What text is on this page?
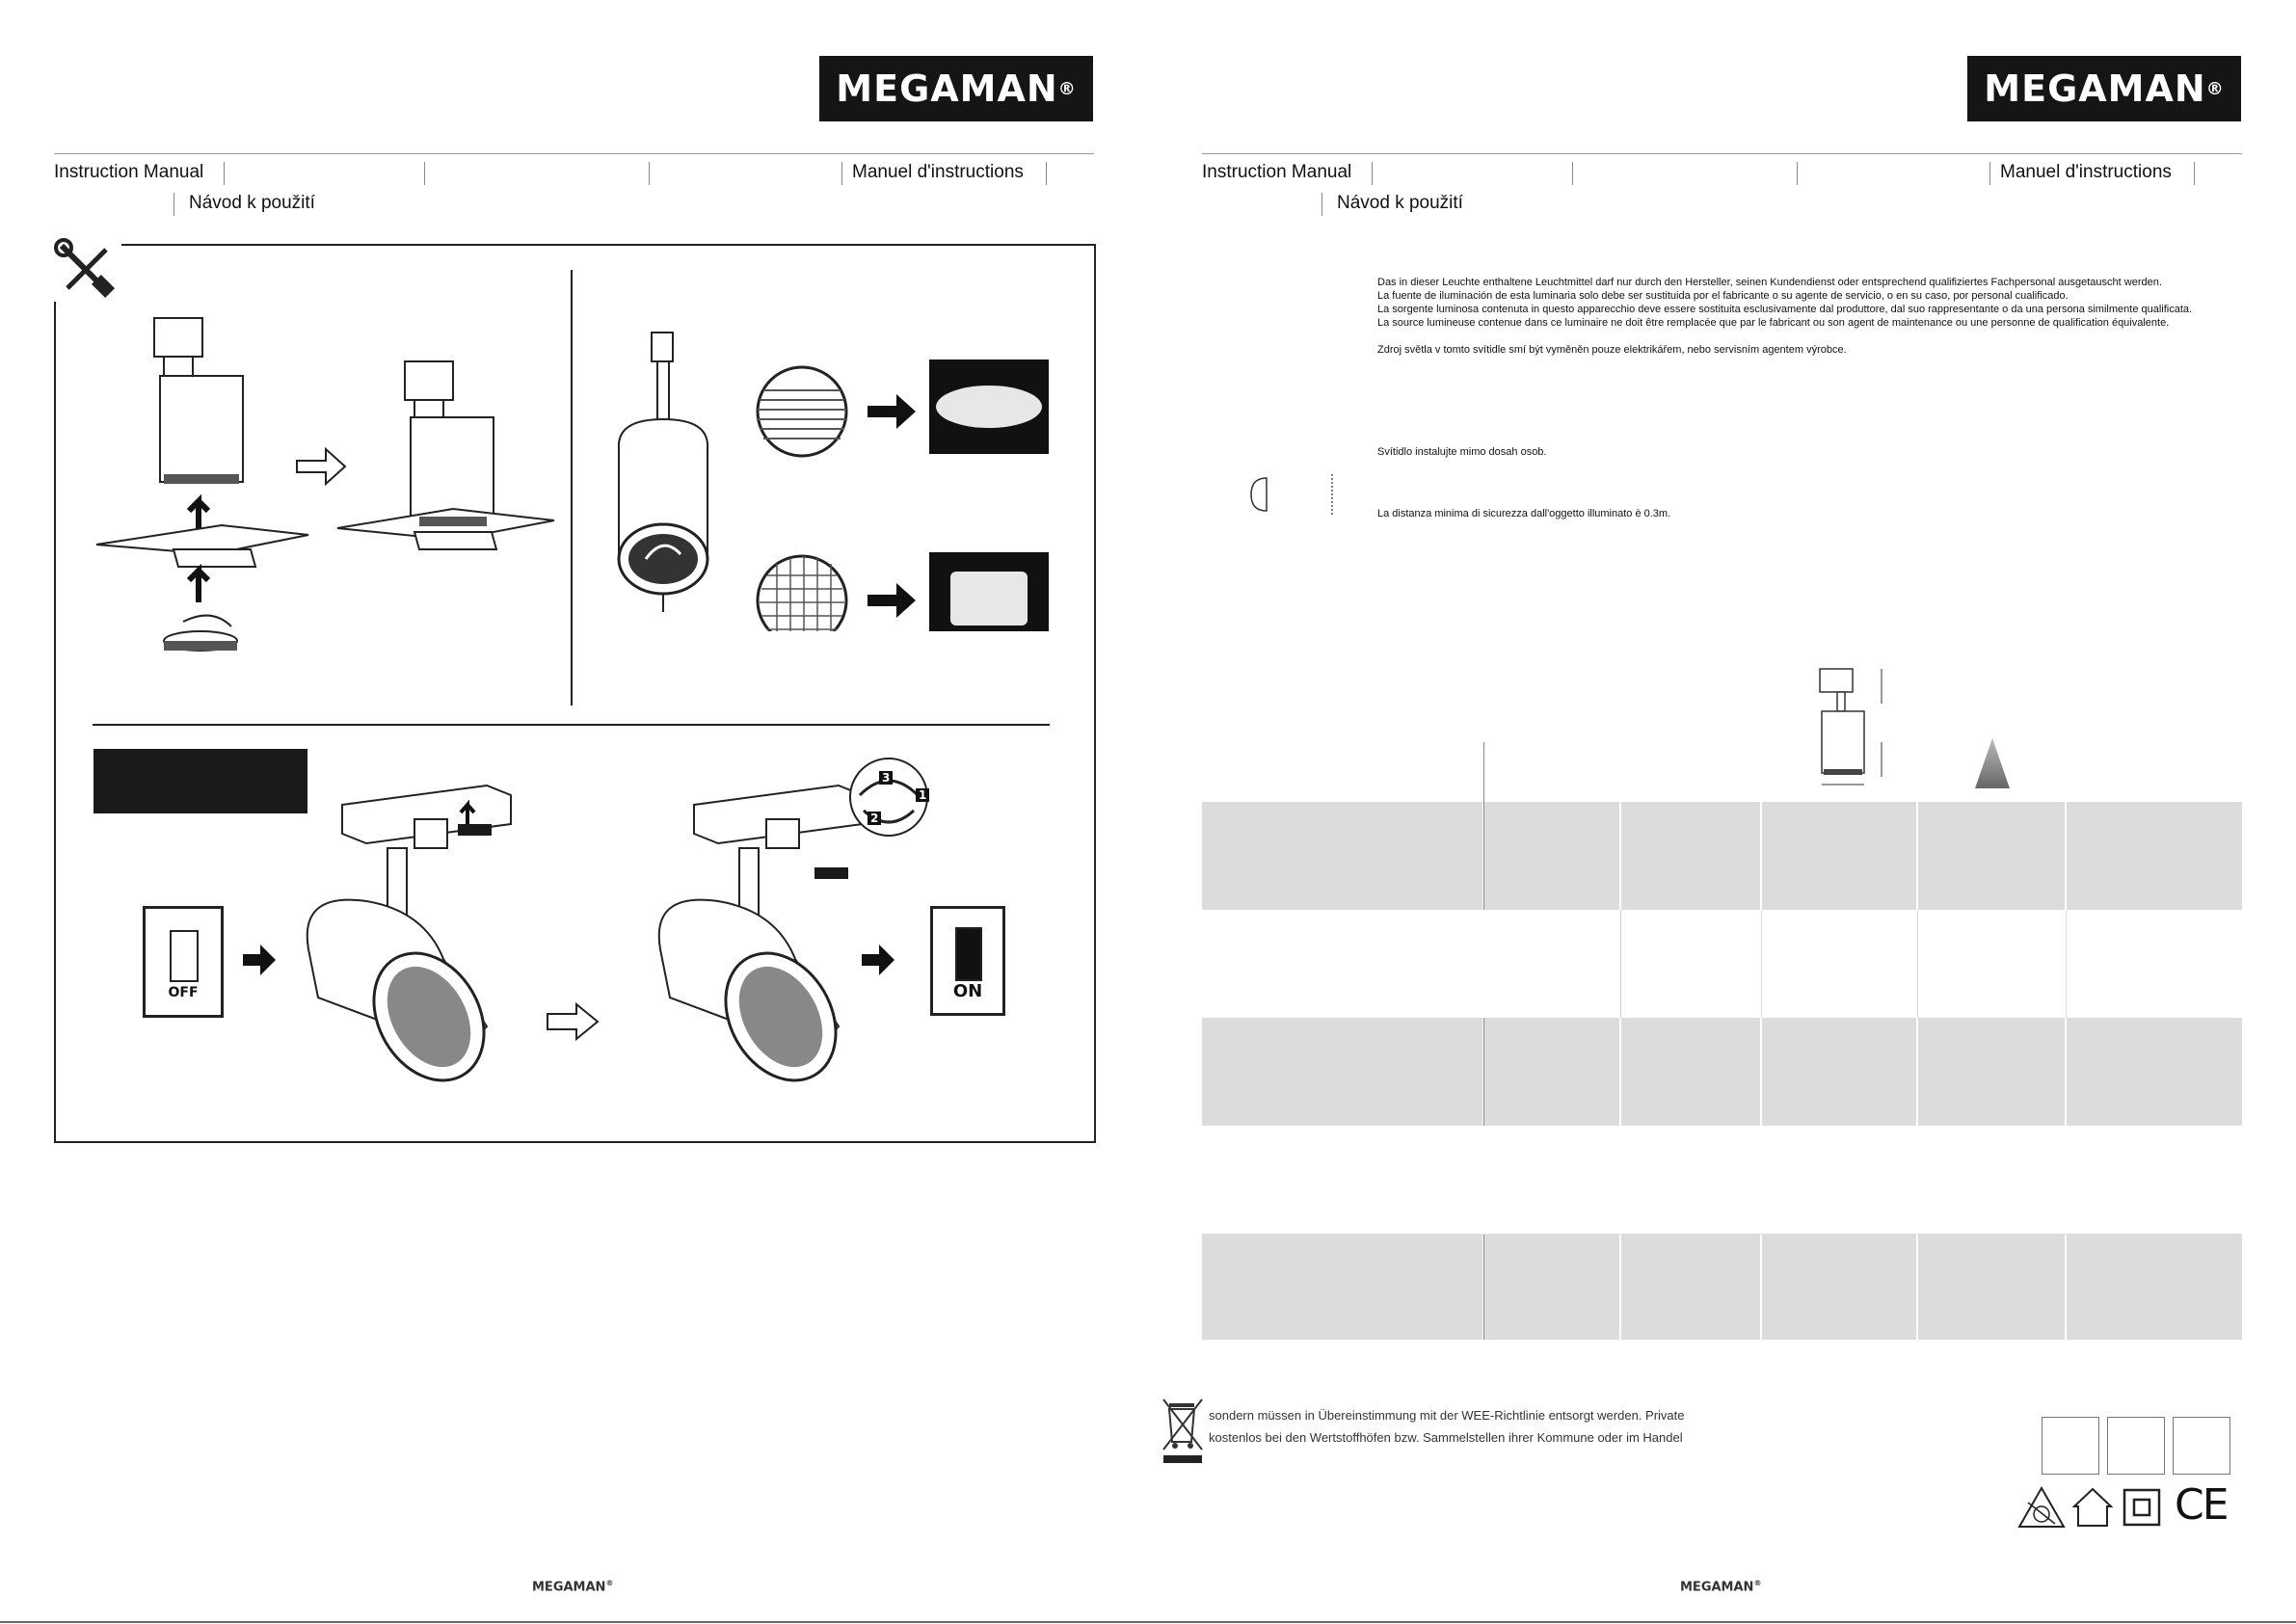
MEGAMAN ®
Instruction Manual	Manuel d'instructions
Návod k použití
OFF
1
2
3
ON
MEGAMAN®
MEGAMAN ®
Instruction Manual	Manuel d'instructions
Návod k použití
Das in dieser Leuchte enthaltene Leuchtmittel darf nur durch den Hersteller, seinen Kundendienst oder entsprechend qualifiziertes Fachpersonal ausgetauscht werden.
La fuente de iluminación de esta luminaria solo debe ser sustituida por el fabricante o su agente de servicio, o en su caso, por personal cualificado.
La sorgente luminosa contenuta in questo apparecchio deve essere sostituita esclusivamente dal produttore, dal suo rappresentante o da una persona similmente qualificata.
La source lumineuse contenue dans ce luminaire ne doit être remplacée que par le fabricant ou son agent de maintenance ou une personne de qualification équivalente.
Zdroj světla v tomto svítidle smí být vyměněn pouze elektrikářem, nebo servisním agentem výrobce.
Svítidlo instalujte mimo dosah osob.
La distanza minima di sicurezza dall'oggetto illuminato è 0.3m.
sondern müssen in Übereinstimmung mit der WEE-Richtlinie entsorgt werden. Private
kostenlos bei den Wertstoffhöfen bzw. Sammelstellen ihrer Kommune oder im Handel
CE
MEGAMAN®
